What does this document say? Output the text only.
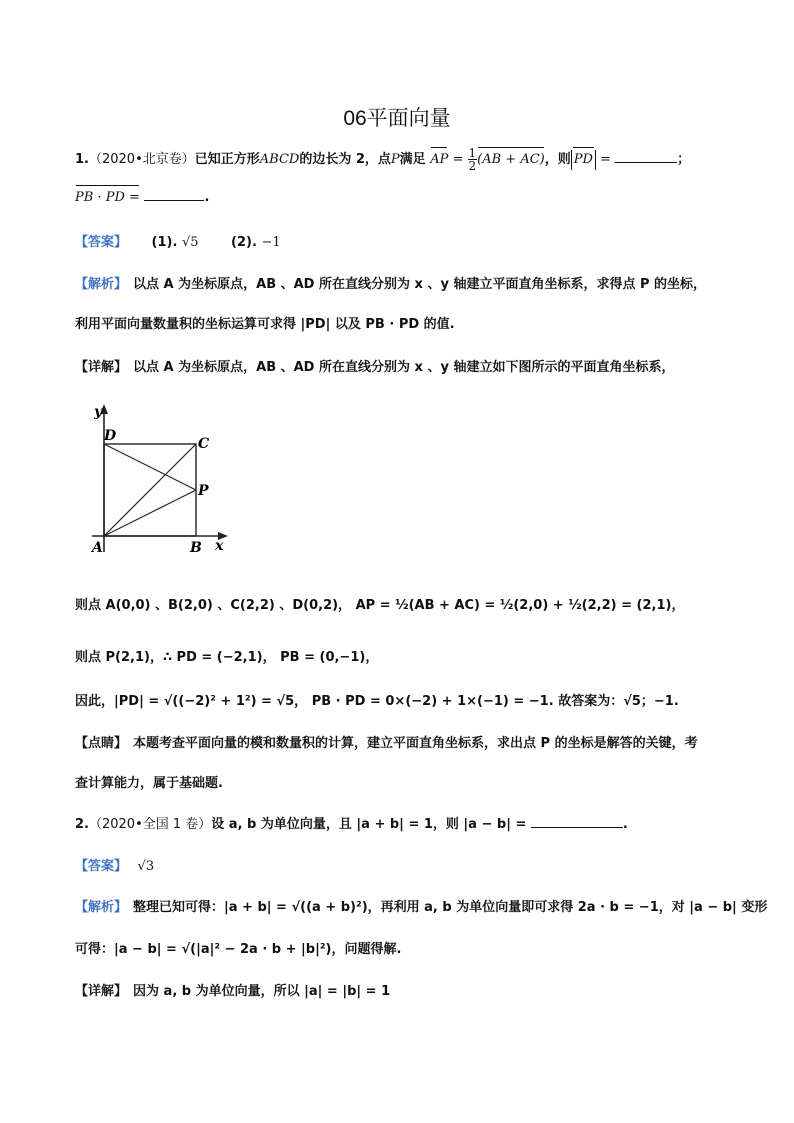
06平面向量
1.（2020•北京卷）已知正方形ABCD的边长为 2，点P满足 AP = $\frac{1}{2} (AB + AC)$，则 PD =	；
PB · PD =	.
【答案】 (1). √5	(2). −1
【解析】 以点 A 为坐标原点，AB 、AD 所在直线分别为 x 、y 轴建立平面直角坐标系，求得点 P 的坐标，
利用平面向量数量积的坐标运算可求得 |PD| 以及 PB · PD 的值.
【详解】 以点 A 为坐标原点，AB 、AD 所在直线分别为 x 、y 轴建立如下图所示的平面直角坐标系，
y
x
D	C
P
A	B
则点 A(0,0) 、B(2,0) 、C(2,2) 、D(0,2)， AP = ½(AB + AC) = ½(2,0) + ½(2,2) = (2,1)，
则点 P(2,1)，∴ PD = (−2,1)， PB = (0,−1)，
因此，|PD| = √((−2)² + 1²) = √5， PB · PD = 0×(−2) + 1×(−1) = −1. 故答案为：√5；−1.
【点睛】 本题考查平面向量的模和数量积的计算，建立平面直角坐标系，求出点 P 的坐标是解答的关键，考
查计算能力，属于基础题.
2.（2020•全国 1 卷）设 a, b 为单位向量，且 |a + b| = 1，则 |a − b| =	.
【答案】 √3
【解析】 整理已知可得：|a + b| = √((a + b)²)，再利用 a, b 为单位向量即可求得 2a · b = −1，对 |a − b| 变形
可得：|a − b| = √(|a|² − 2a · b + |b|²)，问题得解.
【详解】 因为 a, b 为单位向量，所以 |a| = |b| = 1
